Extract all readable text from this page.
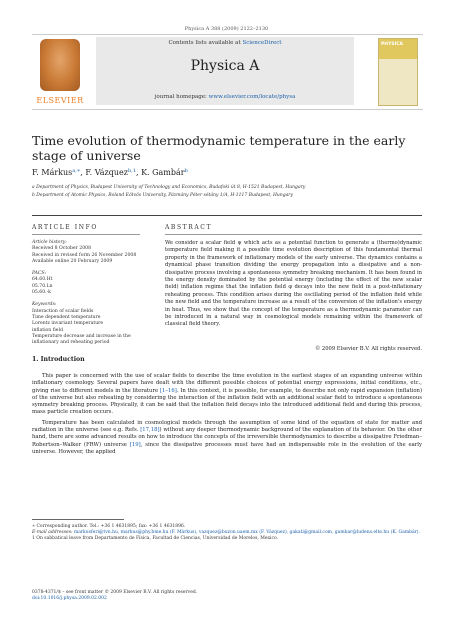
Physica A 388 (2009) 2122–2130
ELSEVIER
Contents lists available at ScienceDirect
Physica A
journal homepage: www.elsevier.com/locate/physa
PHYSICA
Time evolution of thermodynamic temperature in the early stage of universe
F. Márkus$^{a,∗}$, F. Vázquez$^{b,1}$, K. Gambár$^b$
a Department of Physics, Budapest University of Technology and Economics, Budafoki út 8, H-1521 Budapest, Hungary
b Department of Atomic Physics, Roland Eötvös University, Pázmány Péter sétány 1/A, H-1117 Budapest, Hungary
ARTICLE INFO	ABSTRACT
Article history:
Received 8 October 2008
Received in revised form 26 November 2008
Available online 20 February 2009
PACS:
64.60.Ht
05.70.Ln
05.60.-k
Keywords:
Interaction of scalar fields
Time dependent temperature
Lorentz invariant temperature
inflation field
Temperature decrease and increase in the inflationary and reheating period
We consider a scalar field ψ which acts as a potential function to generate a (thermo)dynamic temperature field making it a possible time evolution description of this fundamental thermal property in the framework of inflationary models of the early universe. The dynamics contains a dynamical phase transition dividing the energy propagation into a dissipative and a non-dissipative process involving a spontaneous symmetry breaking mechanism. It has been found in the energy density dominated by the potential energy (including the effect of the new scalar field) inflation regime that the inflation field φ decays into the new field in a post-inflationary reheating process. This condition arises during the oscillating period of the inflation field while the new field and the temperature increase as a result of the conversion of the inflation's energy in heat. Thus, we show that the concept of the temperature as a thermodynamic parameter can be introduced in a natural way in cosmological models remaining within the framework of classical field theory.
© 2009 Elsevier B.V. All rights reserved.
1. Introduction

This paper is concerned with the use of scalar fields to describe the time evolution in the earliest stages of an expanding universe within inflationary cosmology. Several papers have dealt with the different possible choices of potential energy expressions, initial conditions, etc., giving rise to different models in the literature [1–16]. In this context, it is possible, for example, to describe not only rapid expansion (inflation) of the universe but also reheating by considering the interaction of the inflation field with an additional scalar field to introduce a spontaneous symmetry breaking process. Physically, it can be said that the inflation field decays into the introduced additional field and during this process, mass particle creation occurs.

Temperature has been calculated in cosmological models through the assumption of some kind of the equation of state for matter and radiation in the universe (see e.g. Refs. [17,18]) without any deeper thermodynamic background of the explanation of its behavior. On the other hand, there are some advanced results on how to introduce the concepts of the irreversible thermodynamics to describe a dissipative Friedman–Robertson–Walker (FRW) universe [19], since the dissipative processes must have had an indispensable role in the evolution of the early universe. However, the applied

∗ Corresponding author. Tel.: +36 1 4631895; fax: +36 1 4631896.

E-mail addresses: markusferi@tvn.hu, markus@phy.bme.hu (F. Márkus), vazquez@buzon.uaem.mx (F. Vázquez), gakati@gmail.com, gambar@ludens.elte.hu (K. Gambár).

1 On sabbatical leave from Departamento de Física, Facultad de Ciencias, Universidad de Morelos, Mexico.

0378-4371/$ – see front matter © 2009 Elsevier B.V. All rights reserved.
doi:10.1016/j.physa.2009.02.002
